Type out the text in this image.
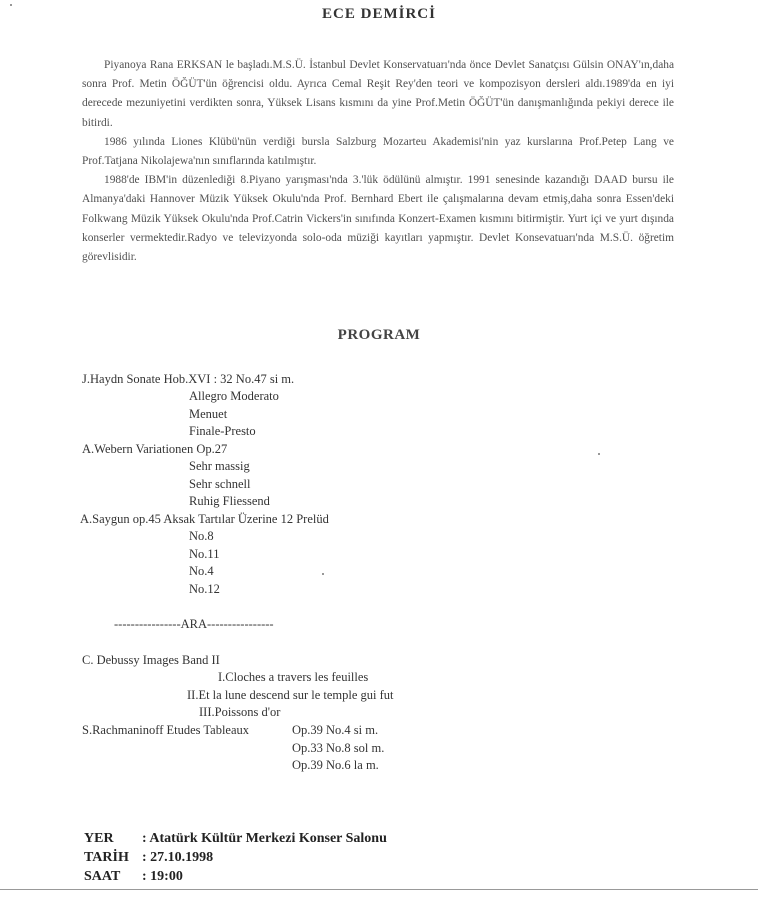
ECE DEMİRCİ

Piyanoya Rana ERKSAN le başladı.M.S.Ü. İstanbul Devlet Konservatuarı'nda önce Devlet Sanatçısı Gülsin ONAY'ın,daha sonra Prof. Metin ÖĞÜT'ün öğrencisi oldu. Ayrıca Cemal Reşit Rey'den teori ve kompozisyon dersleri aldı.1989'da en iyi derecede mezuniyetini verdikten sonra, Yüksek Lisans kısmını da yine Prof.Metin ÖĞÜT'ün danışmanlığında pekiyi derece ile bitirdi.

1986 yılında Liones Klübü'nün verdiği bursla Salzburg Mozarteu Akademisi'nin yaz kurslarına Prof.Petep Lang ve Prof.Tatjana Nikolajewa'nın sınıflarında katılmıştır.

1988'de IBM'in düzenlediği 8.Piyano yarışması'nda 3.'lük ödülünü almıştır. 1991 senesinde kazandığı DAAD bursu ile Almanya'daki Hannover Müzik Yüksek Okulu'nda Prof. Bernhard Ebert ile çalışmalarına devam etmiş,daha sonra Essen'deki Folkwang Müzik Yüksek Okulu'nda Prof.Catrin Vickers'in sınıfında Konzert-Examen kısmını bitirmiştir. Yurt içi ve yurt dışında konserler vermektedir.Radyo ve televizyonda solo-oda müziği kayıtları yapmıştır. Devlet Konsevatuarı'nda M.S.Ü. öğretim görevlisidir.

PROGRAM
J.Haydn Sonate Hob.XVI : 32 No.47 si m.
Allegro Moderato
Menuet
Finale-Presto
A.Webern Variationen Op.27
Sehr massig
Sehr schnell
Ruhig Fliessend
A.Saygun op.45 Aksak Tartılar Üzerine 12 Prelüd
No.8
No.11
No.4
No.12
----------------ARA----------------
C. Debussy Images Band II
I.Cloches a travers les feuilles
II.Et la lune descend sur le temple gui fut
III.Poissons d'or
S.Rachmaninoff Etudes Tableaux	Op.39 No.4 si m.
Op.33 No.8 sol m.
Op.39 No.6 la m.
YER : Atatürk Kültür Merkezi Konser Salonu
TARİH : 27.10.1998
SAAT : 19:00
